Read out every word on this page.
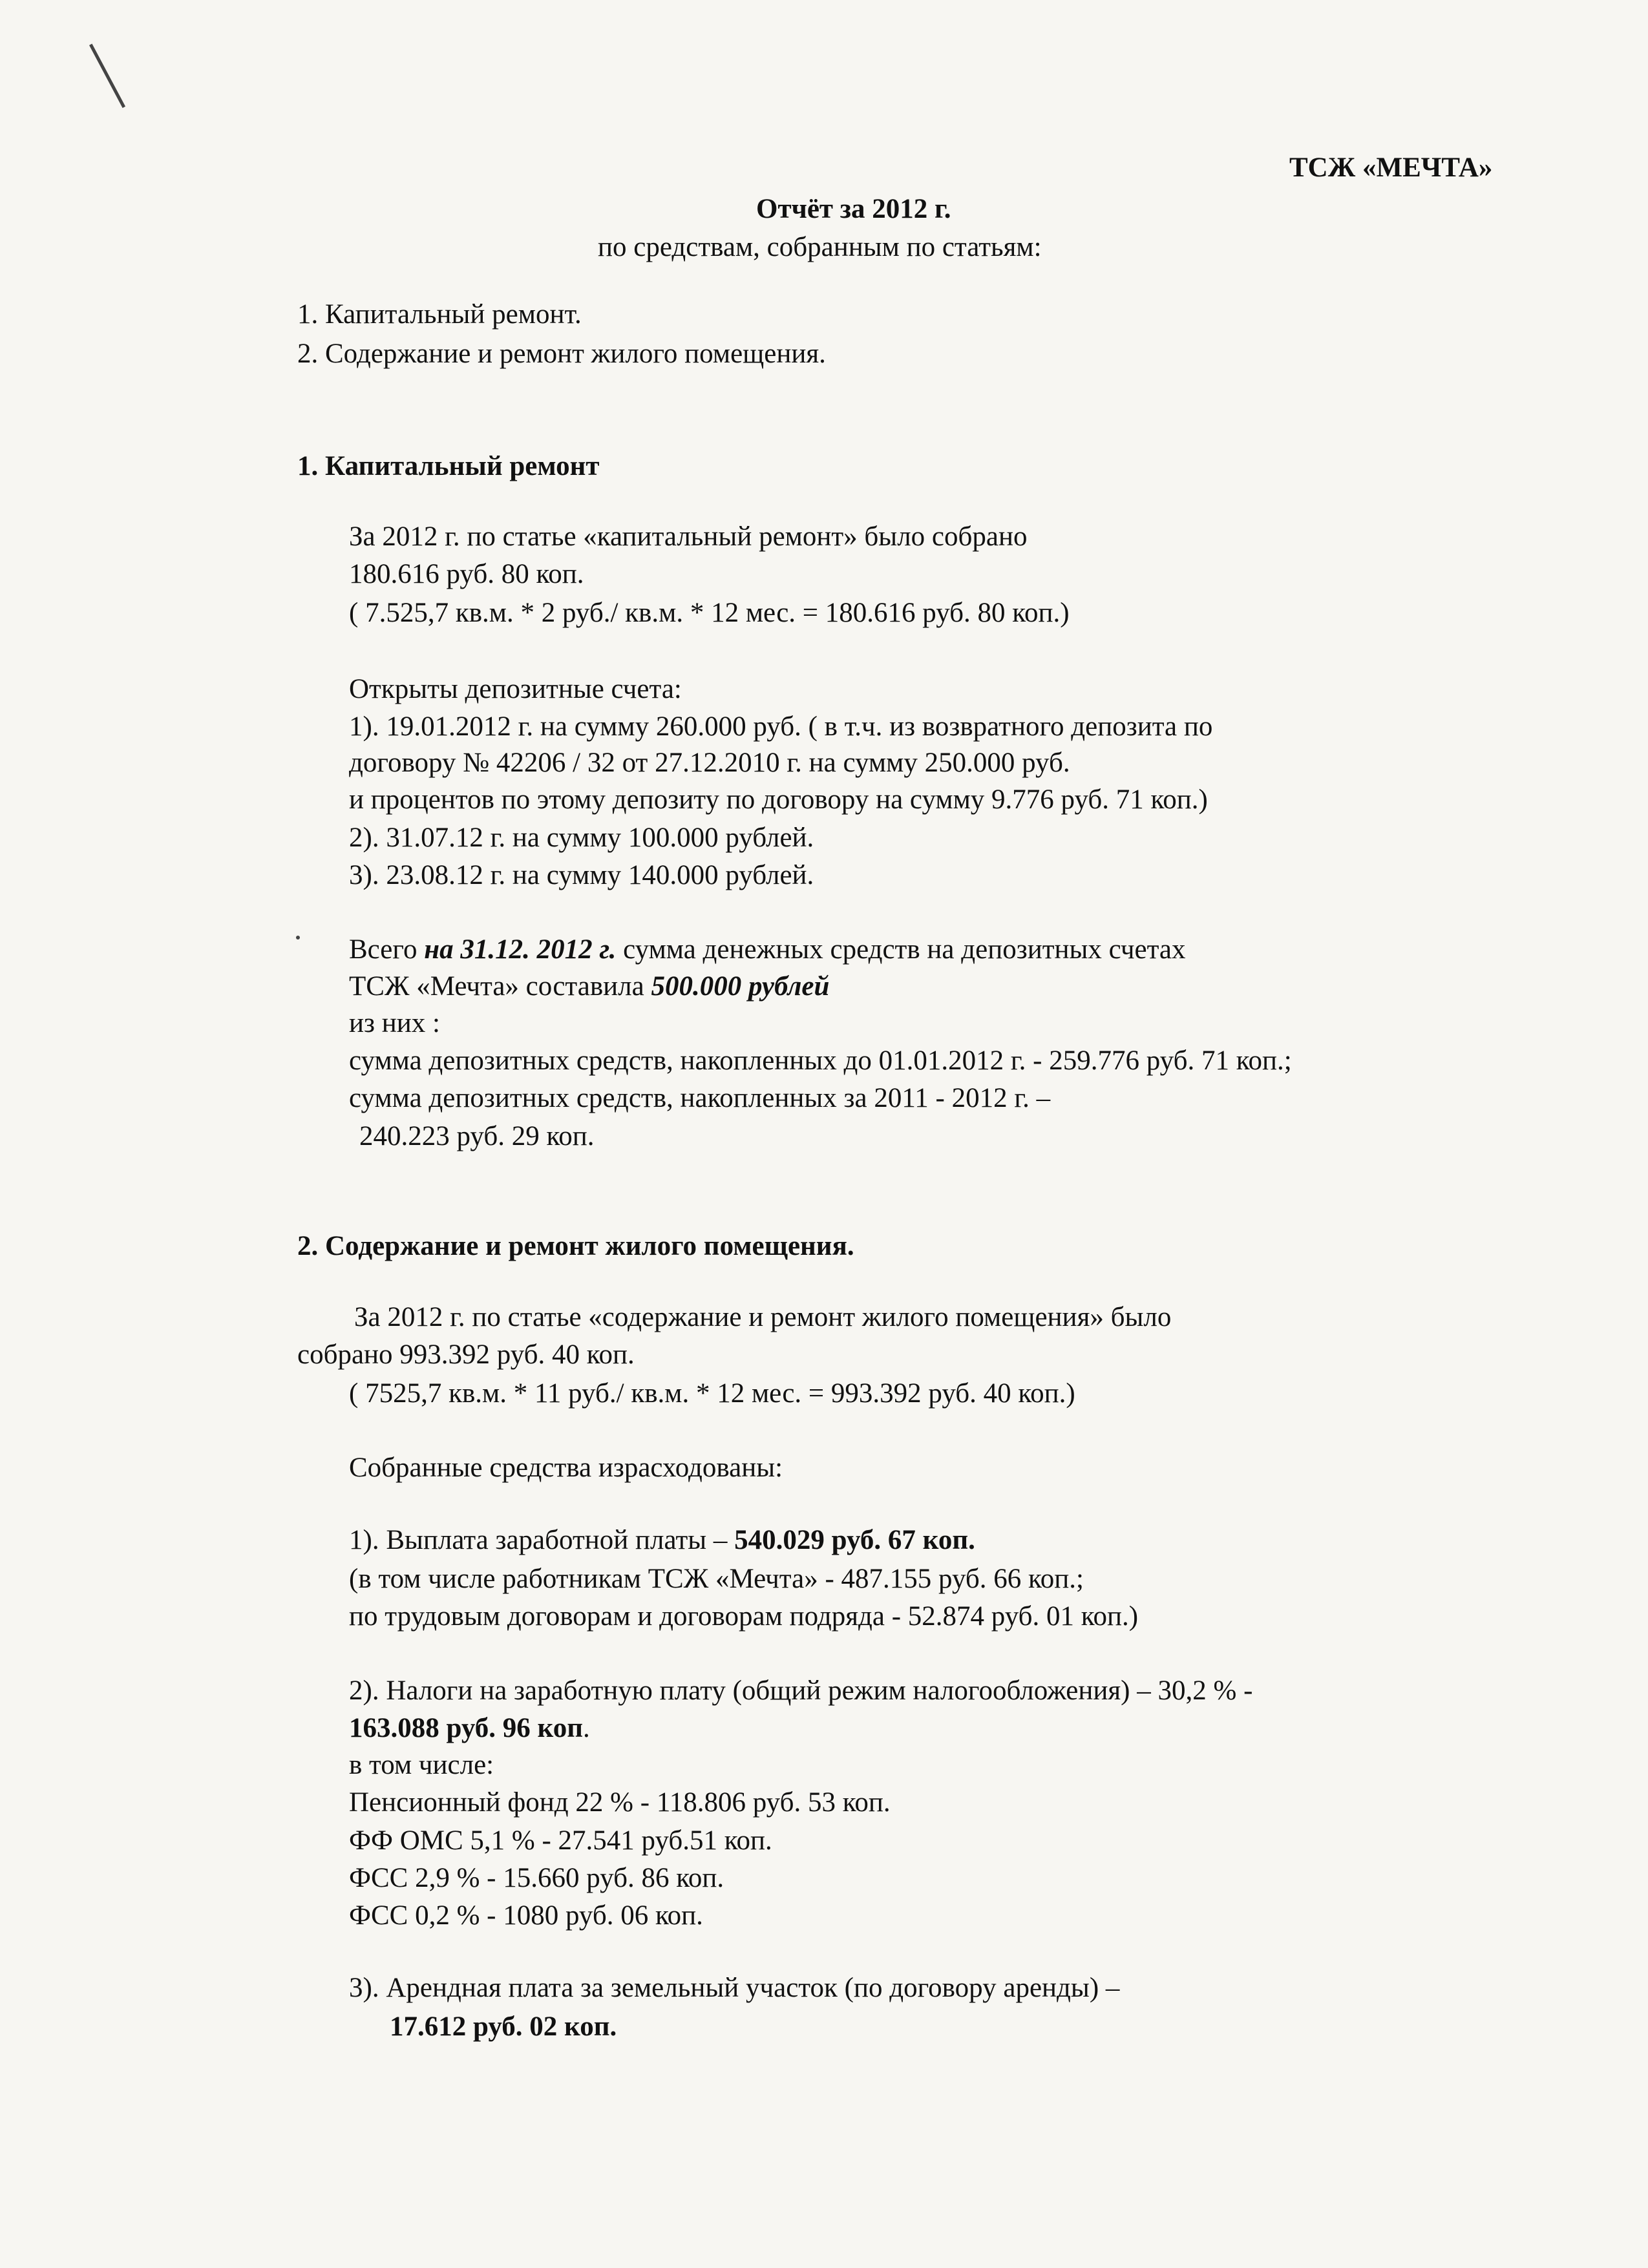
ТСЖ «МЕЧТА»
Отчёт за 2012 г.
по средствам, собранным по статьям:
1. Капитальный ремонт.
2. Содержание и ремонт жилого помещения.
1. Капитальный ремонт
За 2012 г. по статье «капитальный ремонт» было собрано
180.616 руб. 80 коп.
( 7.525,7 кв.м. * 2 руб./ кв.м. * 12 мес. = 180.616 руб. 80 коп.)
Открыты депозитные счета:
1). 19.01.2012 г. на сумму 260.000 руб. ( в т.ч. из возвратного депозита по
договору № 42206 / 32 от 27.12.2010 г. на сумму 250.000 руб.
и процентов по этому депозиту по договору на сумму 9.776 руб. 71 коп.)
2). 31.07.12 г. на сумму 100.000 рублей.
3). 23.08.12 г. на сумму 140.000 рублей.
Всего на 31.12. 2012 г. сумма денежных средств на депозитных счетах
ТСЖ «Мечта» составила 500.000 рублей
из них :
сумма депозитных средств, накопленных до 01.01.2012 г. - 259.776 руб. 71 коп.;
сумма депозитных средств, накопленных за 2011 - 2012 г. –
240.223 руб. 29 коп.
2. Содержание и ремонт жилого помещения.
За 2012 г. по статье «содержание и ремонт жилого помещения» было
собрано 993.392 руб. 40 коп.
( 7525,7 кв.м. * 11 руб./ кв.м. * 12 мес. = 993.392 руб. 40 коп.)
Собранные средства израсходованы:
1). Выплата заработной платы – 540.029 руб. 67 коп.
(в том числе работникам ТСЖ «Мечта» - 487.155 руб. 66 коп.;
по трудовым договорам и договорам подряда - 52.874 руб. 01 коп.)
2). Налоги на заработную плату (общий режим налогообложения) – 30,2 % -
163.088 руб. 96 коп.
в том числе:
Пенсионный фонд 22 % - 118.806 руб. 53 коп.
ФФ ОМС 5,1 % - 27.541 руб.51 коп.
ФСС 2,9 % - 15.660 руб. 86 коп.
ФСС 0,2 % - 1080 руб. 06 коп.
3). Арендная плата за земельный участок (по договору аренды) –
17.612 руб. 02 коп.
